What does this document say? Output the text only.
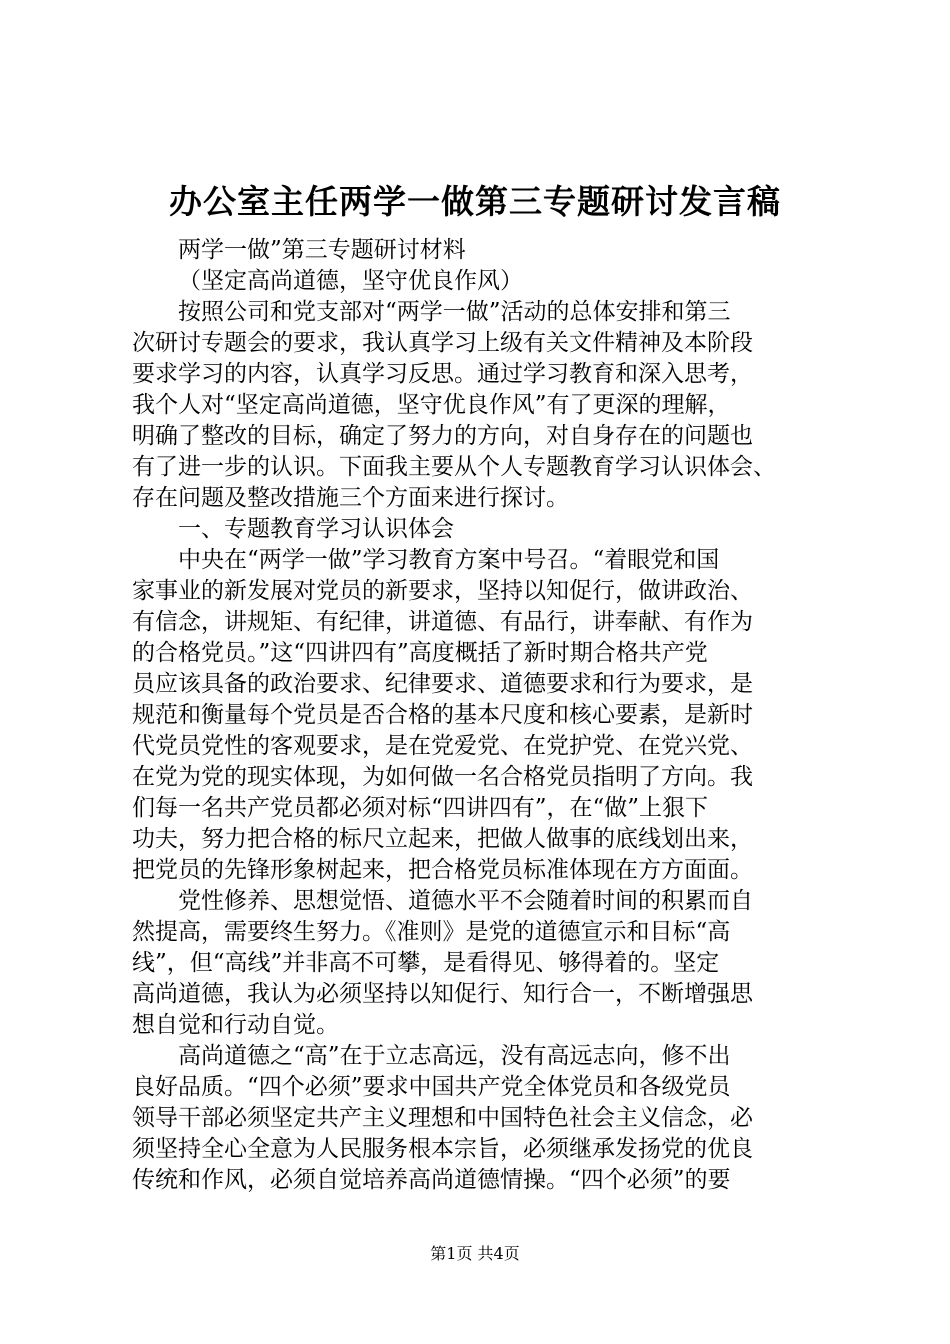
办公室主任两学一做第三专题研讨发言稿
两学一做”第三专题研讨材料
（坚定高尚道德，坚守优良作风）
按照公司和党支部对“两学一做”活动的总体安排和第三
次研讨专题会的要求，我认真学习上级有关文件精神及本阶段
要求学习的内容，认真学习反思。通过学习教育和深入思考，
我个人对“坚定高尚道德，坚守优良作风”有了更深的理解，
明确了整改的目标，确定了努力的方向，对自身存在的问题也
有了进一步的认识。下面我主要从个人专题教育学习认识体会、
存在问题及整改措施三个方面来进行探讨。
一、专题教育学习认识体会
中央在“两学一做”学习教育方案中号召。“着眼党和国
家事业的新发展对党员的新要求，坚持以知促行，做讲政治、
有信念，讲规矩、有纪律，讲道德、有品行，讲奉献、有作为
的合格党员。”这“四讲四有”高度概括了新时期合格共产党
员应该具备的政治要求、纪律要求、道德要求和行为要求，是
规范和衡量每个党员是否合格的基本尺度和核心要素，是新时
代党员党性的客观要求，是在党爱党、在党护党、在党兴党、
在党为党的现实体现，为如何做一名合格党员指明了方向。我
们每一名共产党员都必须对标“四讲四有”，在“做”上狠下
功夫，努力把合格的标尺立起来，把做人做事的底线划出来，
把党员的先锋形象树起来，把合格党员标准体现在方方面面。
党性修养、思想觉悟、道德水平不会随着时间的积累而自
然提高，需要终生努力。《准则》是党的道德宣示和目标“高
线”，但“高线”并非高不可攀，是看得见、够得着的。坚定
高尚道德，我认为必须坚持以知促行、知行合一，不断增强思
想自觉和行动自觉。
高尚道德之“高”在于立志高远，没有高远志向，修不出
良好品质。“四个必须”要求中国共产党全体党员和各级党员
领导干部必须坚定共产主义理想和中国特色社会主义信念，必
须坚持全心全意为人民服务根本宗旨，必须继承发扬党的优良
传统和作风，必须自觉培养高尚道德情操。“四个必须”的要
第1页 共4页
